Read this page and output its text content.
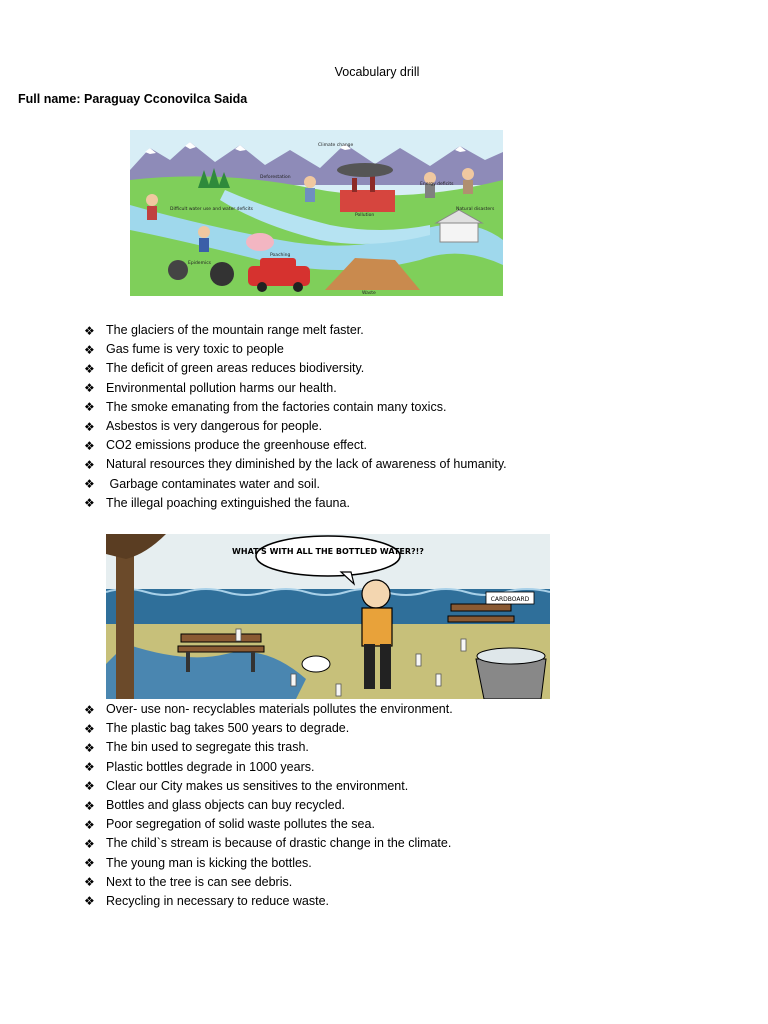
Vocabulary drill
Full name: Paraguay Cconovilca Saida
Climate change
Deforestation
Energy deficits
Difficult water use and water deficits
Pollution
Natural disasters
Epidemics
Poaching
Waste
❖ The glaciers of the mountain range melt faster.
❖ Gas fume is very toxic to people
❖ The deficit of green areas reduces biodiversity.
❖ Environmental pollution harms our health.
❖ The smoke emanating from the factories contain many toxics.
❖ Asbestos is very dangerous for people.
❖ CO2 emissions produce the greenhouse effect.
❖ Natural resources they diminished by the lack of awareness of humanity.
❖ Garbage contaminates water and soil.
❖ The illegal poaching extinguished the fauna.
WHAT'S WITH ALL THE BOTTLED WATER?!?
CARDBOARD
❖ Over- use non- recyclables materials pollutes the environment.
❖ The plastic bag takes 500 years to degrade.
❖ The bin used to segregate this trash.
❖ Plastic bottles degrade in 1000 years.
❖ Clear our City makes us sensitives to the environment.
❖ Bottles and glass objects can buy recycled.
❖ Poor segregation of solid waste pollutes the sea.
❖ The child`s stream is because of drastic change in the climate.
❖ The young man is kicking the bottles.
❖ Next to the tree is can see debris.
❖ Recycling in necessary to reduce waste.
